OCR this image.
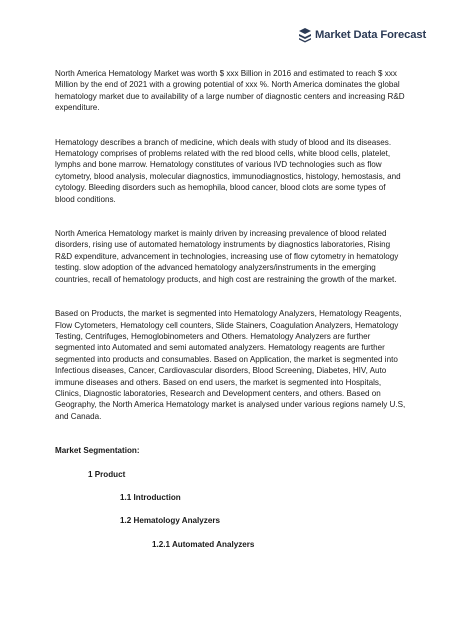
Market Data Forecast

North America Hematology Market was worth $ xxx Billion in 2016 and estimated to reach $ xxx Million by the end of 2021 with a growing potential of xxx %. North America dominates the global hematology market due to availability of a large number of diagnostic centers and increasing R&D expenditure.

Hematology describes a branch of medicine, which deals with study of blood and its diseases. Hematology comprises of problems related with the red blood cells, white blood cells, platelet, lymphs and bone marrow. Hematology constitutes of various IVD technologies such as flow cytometry, blood analysis, molecular diagnostics, immunodiagnostics, histology, hemostasis, and cytology. Bleeding disorders such as hemophila, blood cancer, blood clots are some types of blood conditions.

North America Hematology market is mainly driven by increasing prevalence of blood related disorders, rising use of automated hematology instruments by diagnostics laboratories, Rising R&D expenditure, advancement in technologies, increasing use of flow cytometry in hematology testing. slow adoption of the advanced hematology analyzers/instruments in the emerging countries, recall of hematology products, and high cost are restraining the growth of the market.

Based on Products, the market is segmented into Hematology Analyzers, Hematology Reagents, Flow Cytometers, Hematology cell counters, Slide Stainers, Coagulation Analyzers, Hematology Testing, Centrifuges, Hemoglobinometers and Others. Hematology Analyzers are further segmented into Automated and semi automated analyzers. Hematology reagents are further segmented into products and consumables. Based on Application, the market is segmented into Infectious diseases, Cancer, Cardiovascular disorders, Blood Screening, Diabetes, HIV, Auto immune diseases and others. Based on end users, the market is segmented into Hospitals, Clinics, Diagnostic laboratories, Research and Development centers, and others. Based on Geography, the North America Hematology market is analysed under various regions namely U.S, and Canada.

Market Segmentation:

1 Product

1.1 Introduction

1.2 Hematology Analyzers

1.2.1 Automated Analyzers
